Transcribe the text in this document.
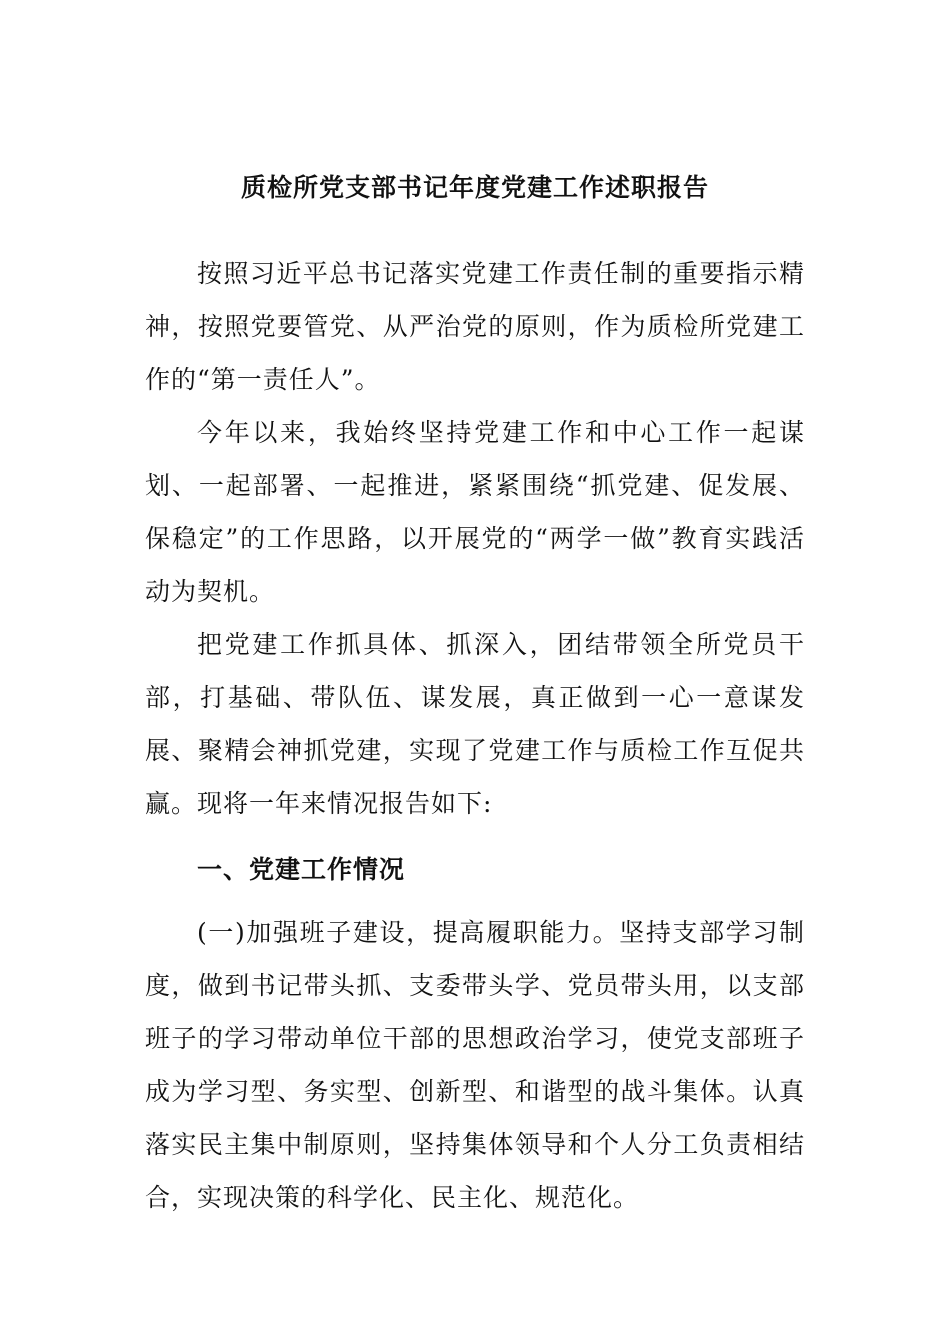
质检所党支部书记年度党建工作述职报告
按照习近平总书记落实党建工作责任制的重要指示精神，按照党要管党、从严治党的原则，作为质检所党建工作的“第一责任人”。
今年以来，我始终坚持党建工作和中心工作一起谋划、一起部署、一起推进，紧紧围绕“抓党建、促发展、保稳定”的工作思路，以开展党的“两学一做”教育实践活动为契机。
把党建工作抓具体、抓深入，团结带领全所党员干部，打基础、带队伍、谋发展，真正做到一心一意谋发展、聚精会神抓党建，实现了党建工作与质检工作互促共赢。 现将一年来情况报告如下:
一、党建工作情况
(一)加强班子建设，提高履职能力。坚持支部学习制度，做到书记带头抓、支委带头学、党员带头用，以支部班子的学习带动单位干部的思想政治学习，使党支部班子成为学习型、务实型、创新型、和谐型的战斗集体。认真落实民主集中制原则，坚持集体领导和个人分工负责相结合，实现决策的科学化、民主化、规范化。
